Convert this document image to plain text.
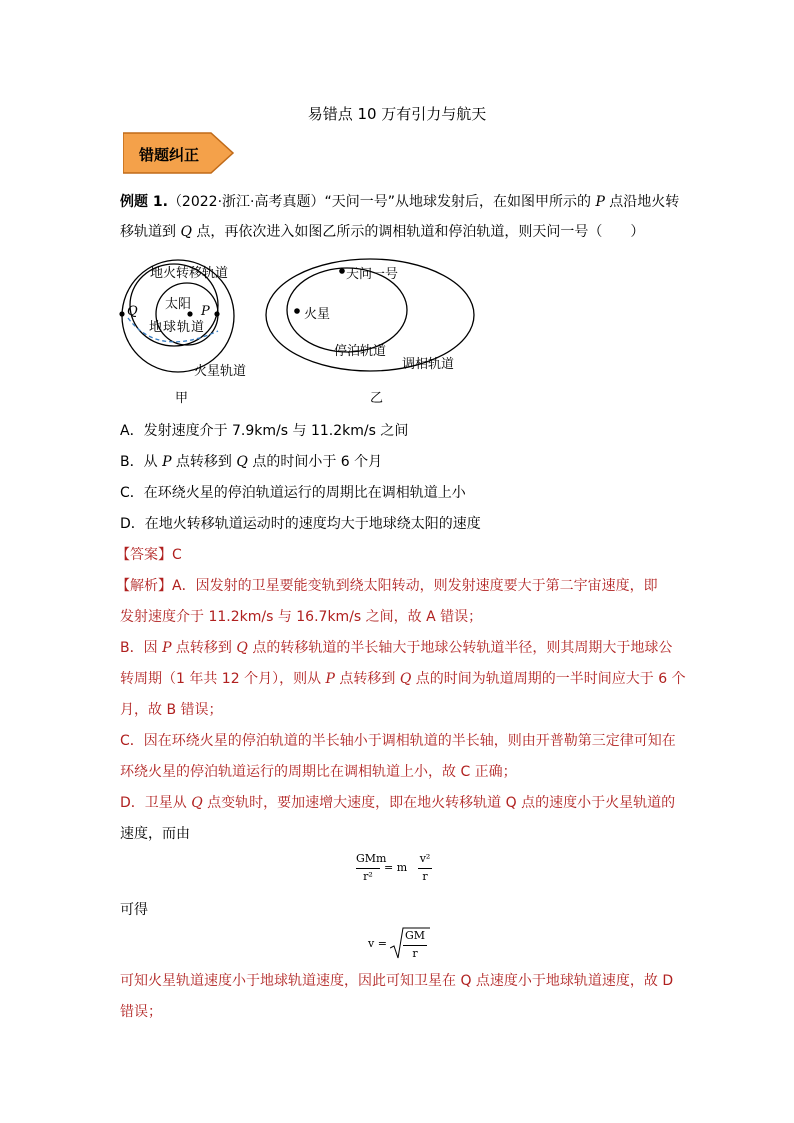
易错点 10 万有引力与航天
错题纠正
例题 1.（2022·浙江·高考真题）“天问一号”从地球发射后，在如图甲所示的 P 点沿地火转
移轨道到 Q 点，再依次进入如图乙所示的调相轨道和停泊轨道，则天问一号（　　）
地火转移轨道
太阳 P
Q
地球轨道
火星轨道
甲
天问一号
火星
停泊轨道
调相轨道
乙
A．发射速度介于 7.9km/s 与 11.2km/s 之间
B．从 P 点转移到 Q 点的时间小于 6 个月
C．在环绕火星的停泊轨道运行的周期比在调相轨道上小
D．在地火转移轨道运动时的速度均大于地球绕太阳的速度
【答案】C
【解析】A．因发射的卫星要能变轨到绕太阳转动，则发射速度要大于第二宇宙速度，即
发射速度介于 11.2km/s 与 16.7km/s 之间，故 A 错误；
B．因 P 点转移到 Q 点的转移轨道的半长轴大于地球公转轨道半径，则其周期大于地球公
转周期（1 年共 12 个月），则从 P 点转移到 Q 点的时间为轨道周期的一半时间应大于 6 个
月，故 B 错误；
C．因在环绕火星的停泊轨道的半长轴小于调相轨道的半长轴，则由开普勒第三定律可知在
环绕火星的停泊轨道运行的周期比在调相轨道上小，故 C 正确；
D．卫星从 Q 点变轨时，要加速增大速度，即在地火转移轨道 Q 点的速度小于火星轨道的
速度，而由
GMm
r²
= m
v²
r
可得
v =
GM
r
可知火星轨道速度小于地球轨道速度，因此可知卫星在 Q 点速度小于地球轨道速度，故 D
错误；
